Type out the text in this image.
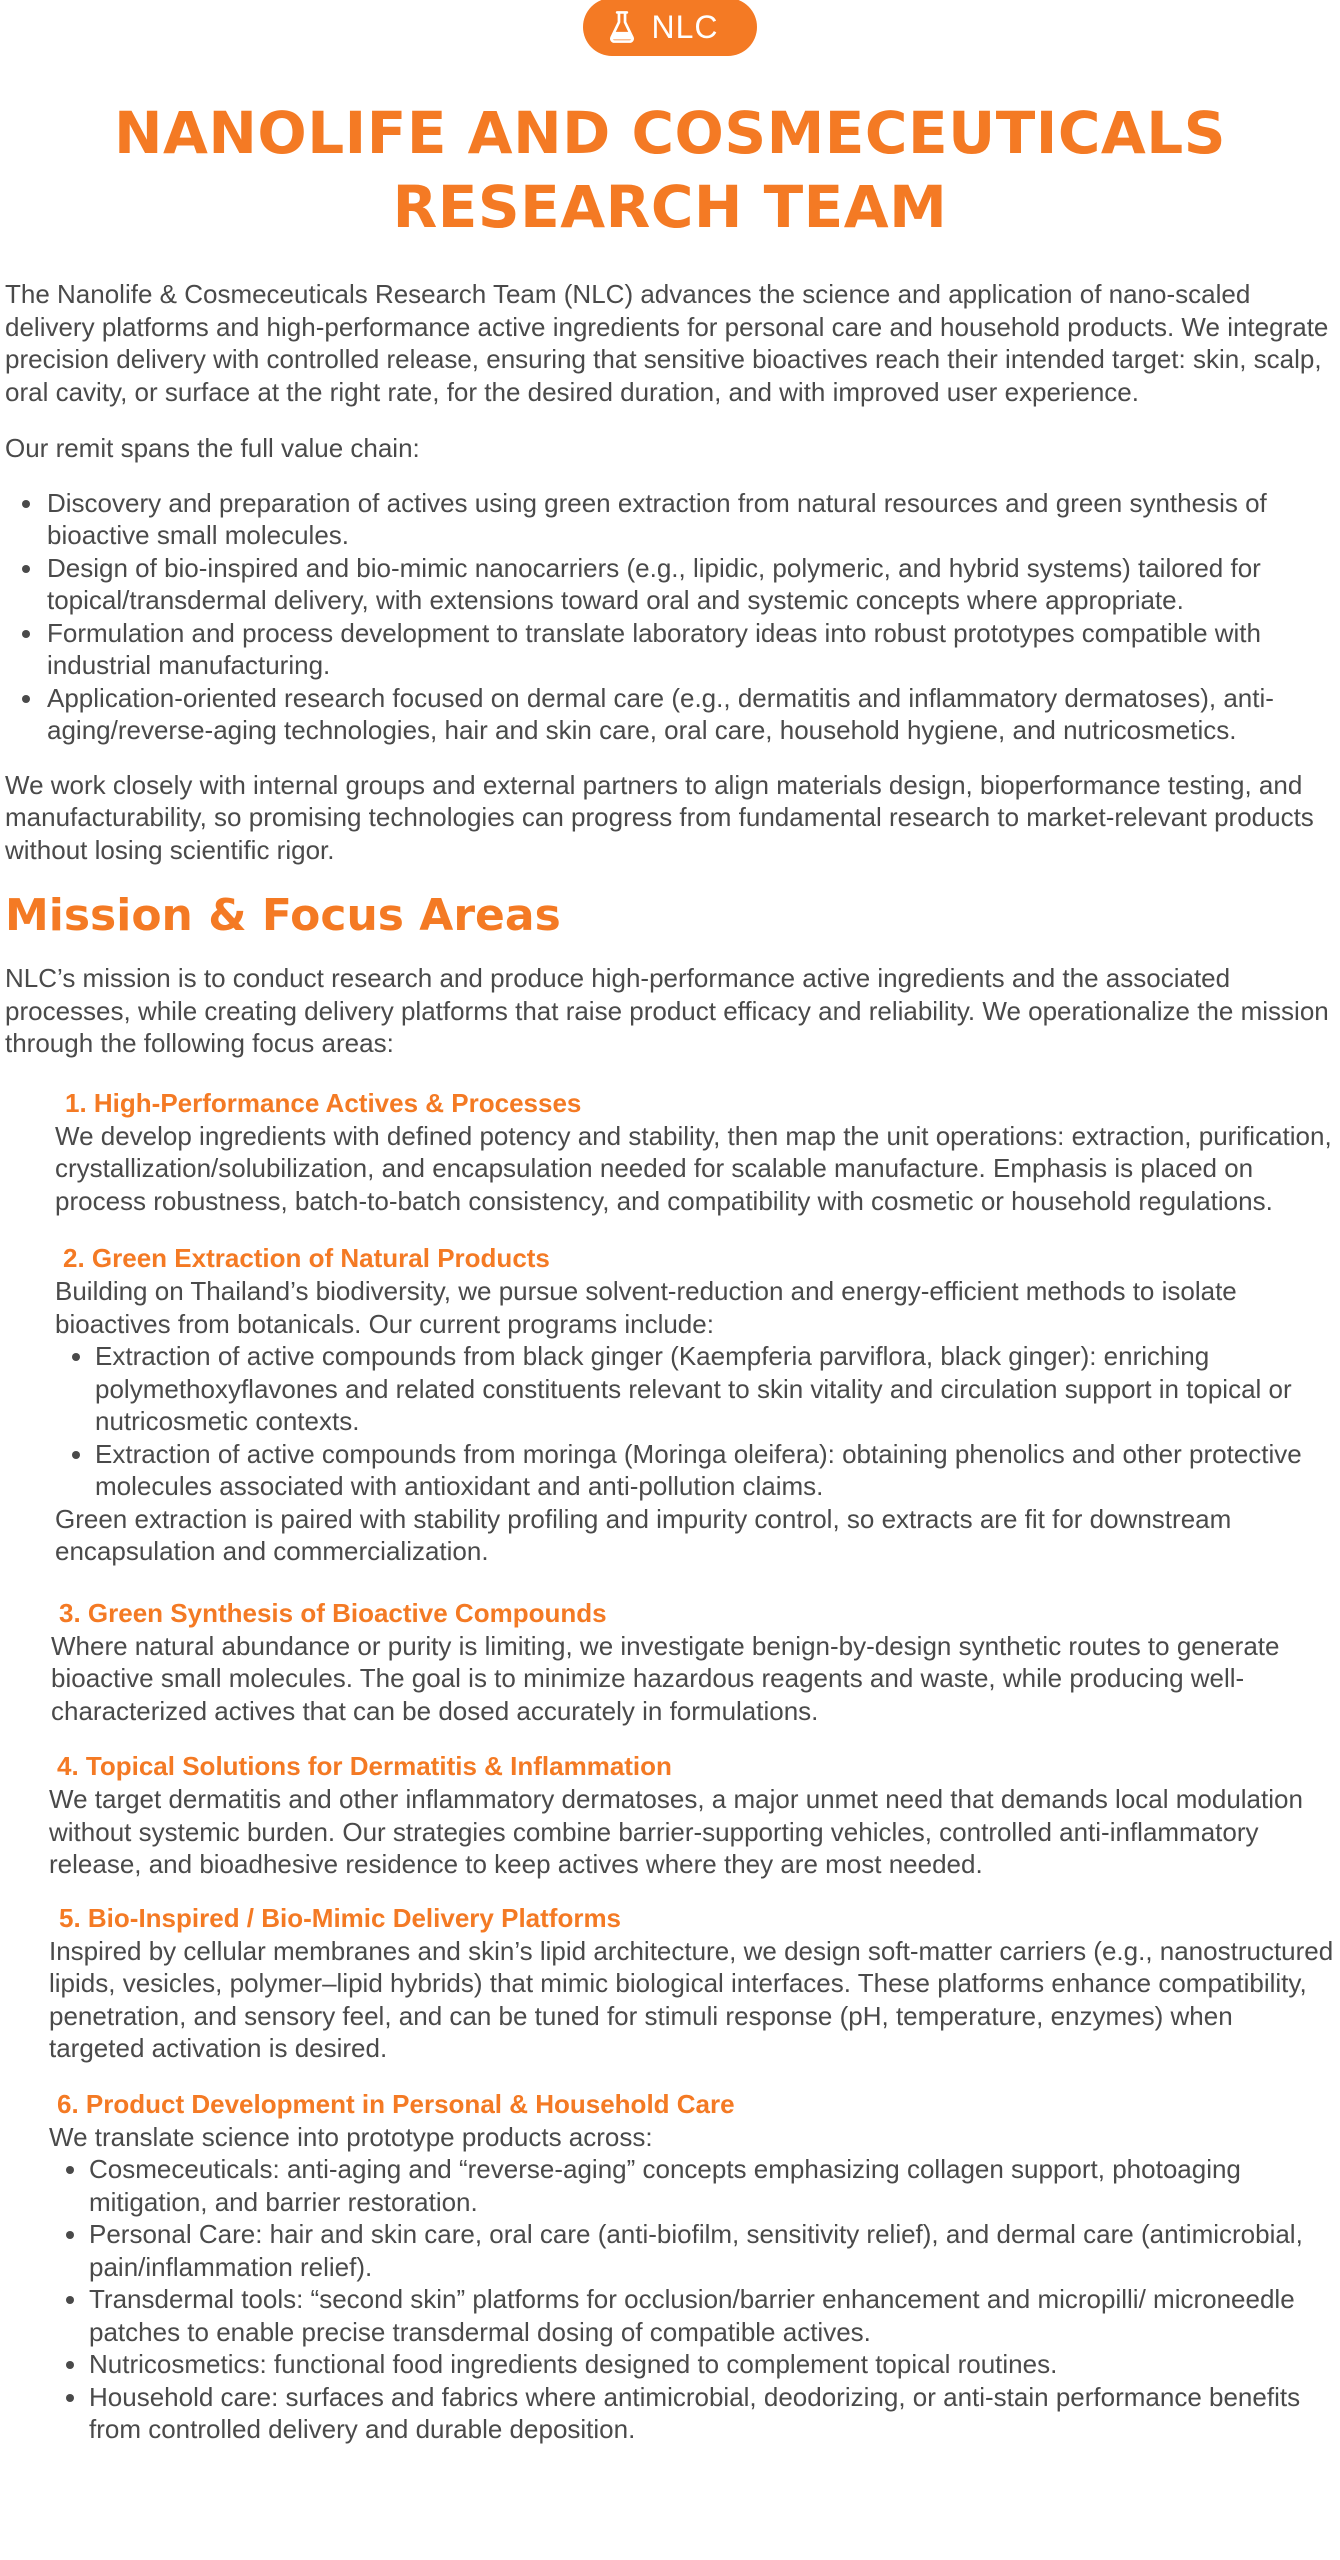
NLC
NANOLIFE AND COSMECEUTICALS
RESEARCH TEAM

The Nanolife & Cosmeceuticals Research Team (NLC) advances the science and application of nano-scaled delivery platforms and high-performance active ingredients for personal care and household products. We integrate precision delivery with controlled release, ensuring that sensitive bioactives reach their intended target: skin, scalp, oral cavity, or surface at the right rate, for the desired duration, and with improved user experience.

Our remit spans the full value chain:

• Discovery and preparation of actives using green extraction from natural resources and green synthesis of bioactive small molecules.
• Design of bio-inspired and bio-mimic nanocarriers (e.g., lipidic, polymeric, and hybrid systems) tailored for topical/transdermal delivery, with extensions toward oral and systemic concepts where appropriate.
• Formulation and process development to translate laboratory ideas into robust prototypes compatible with industrial manufacturing.
• Application-oriented research focused on dermal care (e.g., dermatitis and inflammatory dermatoses), anti-aging/reverse-aging technologies, hair and skin care, oral care, household hygiene, and nutricosmetics.

We work closely with internal groups and external partners to align materials design, bioperformance testing, and manufacturability, so promising technologies can progress from fundamental research to market-relevant products without losing scientific rigor.

Mission & Focus Areas

NLC’s mission is to conduct research and produce high-performance active ingredients and the associated processes, while creating delivery platforms that raise product efficacy and reliability. We operationalize the mission through the following focus areas:

1. High-Performance Actives & Processes

We develop ingredients with defined potency and stability, then map the unit operations: extraction, purification, crystallization/solubilization, and encapsulation needed for scalable manufacture. Emphasis is placed on process robustness, batch-to-batch consistency, and compatibility with cosmetic or household regulations.

2. Green Extraction of Natural Products

Building on Thailand’s biodiversity, we pursue solvent-reduction and energy-efficient methods to isolate bioactives from botanicals. Our current programs include:

• Extraction of active compounds from black ginger (Kaempferia parviflora, black ginger): enriching polymethoxyflavones and related constituents relevant to skin vitality and circulation support in topical or nutricosmetic contexts.
• Extraction of active compounds from moringa (Moringa oleifera): obtaining phenolics and other protective molecules associated with antioxidant and anti-pollution claims.

Green extraction is paired with stability profiling and impurity control, so extracts are fit for downstream encapsulation and commercialization.

3. Green Synthesis of Bioactive Compounds

Where natural abundance or purity is limiting, we investigate benign-by-design synthetic routes to generate bioactive small molecules. The goal is to minimize hazardous reagents and waste, while producing well-characterized actives that can be dosed accurately in formulations.

4. Topical Solutions for Dermatitis & Inflammation

We target dermatitis and other inflammatory dermatoses, a major unmet need that demands local modulation without systemic burden. Our strategies combine barrier-supporting vehicles, controlled anti-inflammatory release, and bioadhesive residence to keep actives where they are most needed.

5. Bio-Inspired / Bio-Mimic Delivery Platforms

Inspired by cellular membranes and skin’s lipid architecture, we design soft-matter carriers (e.g., nanostructured lipids, vesicles, polymer–lipid hybrids) that mimic biological interfaces. These platforms enhance compatibility, penetration, and sensory feel, and can be tuned for stimuli response (pH, temperature, enzymes) when targeted activation is desired.

6. Product Development in Personal & Household Care

We translate science into prototype products across:

• Cosmeceuticals: anti-aging and “reverse-aging” concepts emphasizing collagen support, photoaging mitigation, and barrier restoration.
• Personal Care: hair and skin care, oral care (anti-biofilm, sensitivity relief), and dermal care (antimicrobial, pain/inflammation relief).
• Transdermal tools: “second skin” platforms for occlusion/barrier enhancement and micropilli/ microneedle patches to enable precise transdermal dosing of compatible actives.
• Nutricosmetics: functional food ingredients designed to complement topical routines.
• Household care: surfaces and fabrics where antimicrobial, deodorizing, or anti-stain performance benefits from controlled delivery and durable deposition.
